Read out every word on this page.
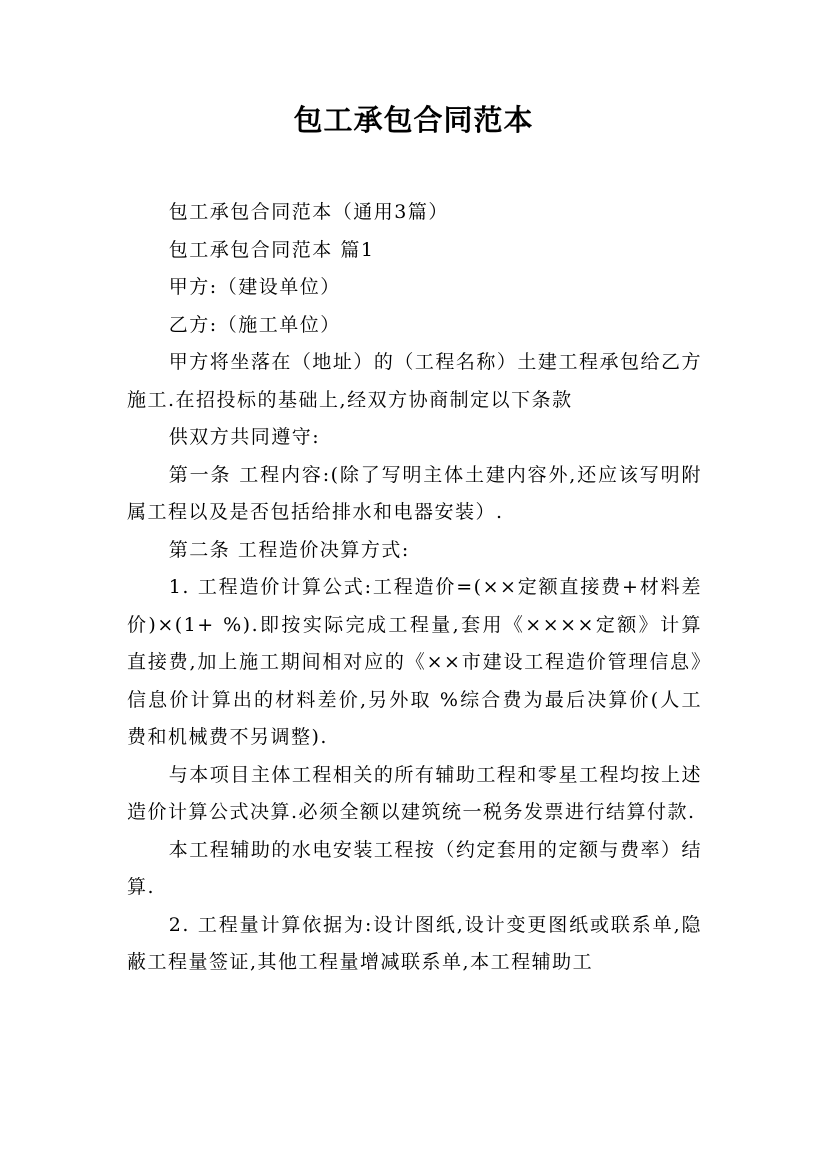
包工承包合同范本

包工承包合同范本（通用3篇）

包工承包合同范本 篇1

甲方:（建设单位）

乙方:（施工单位）

甲方将坐落在（地址）的（工程名称）土建工程承包给乙方施工.在招投标的基础上,经双方协商制定以下条款

供双方共同遵守:

第一条 工程内容:(除了写明主体土建内容外,还应该写明附属工程以及是否包括给排水和电器安装）.

第二条 工程造价决算方式:

1. 工程造价计算公式:工程造价=(××定额直接费+材料差价)×(1+ %).即按实际完成工程量,套用《××××定额》计算直接费,加上施工期间相对应的《××市建设工程造价管理信息》信息价计算出的材料差价,另外取 %综合费为最后决算价(人工费和机械费不另调整).

与本项目主体工程相关的所有辅助工程和零星工程均按上述造价计算公式决算.必须全额以建筑统一税务发票进行结算付款.

本工程辅助的水电安装工程按（约定套用的定额与费率）结算.

2. 工程量计算依据为:设计图纸,设计变更图纸或联系单,隐蔽工程量签证,其他工程量增减联系单,本工程辅助工
